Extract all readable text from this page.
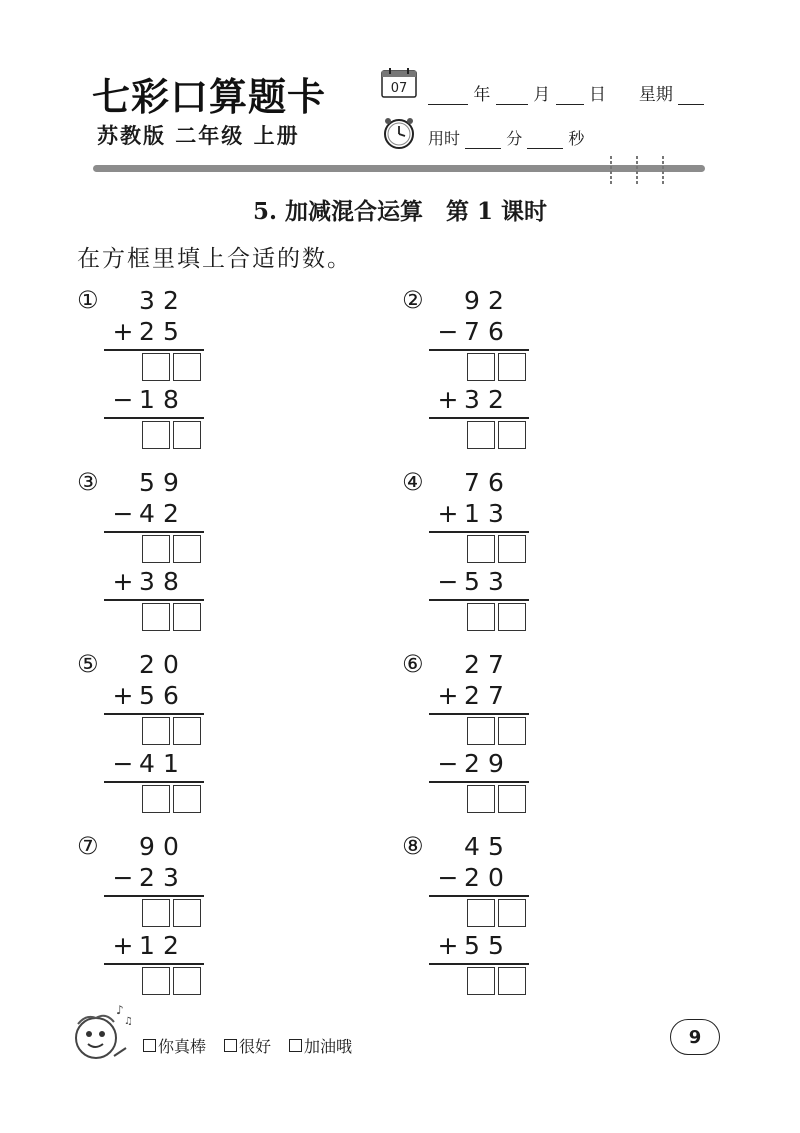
七彩口算题卡
苏教版 二年级 上册
07	年	月 日 星期
用时	分	秒
5. 加减混合运算　第 1 课时
在方框里填上合适的数。
① 3 2
+ 2 5
− 1 8
② 9 2
− 7 6
+ 3 2
③ 5 9
− 4 2
+ 3 8
④ 7 6
+ 1 3
− 5 3
⑤ 2 0
+ 5 6
− 4 1
⑥ 2 7
+ 2 7
− 2 9
⑦ 9 0
− 2 3
+ 1 2
⑧ 4 5
− 2 0
+ 5 5
♪
♫
你真棒 很好 加油哦	9
